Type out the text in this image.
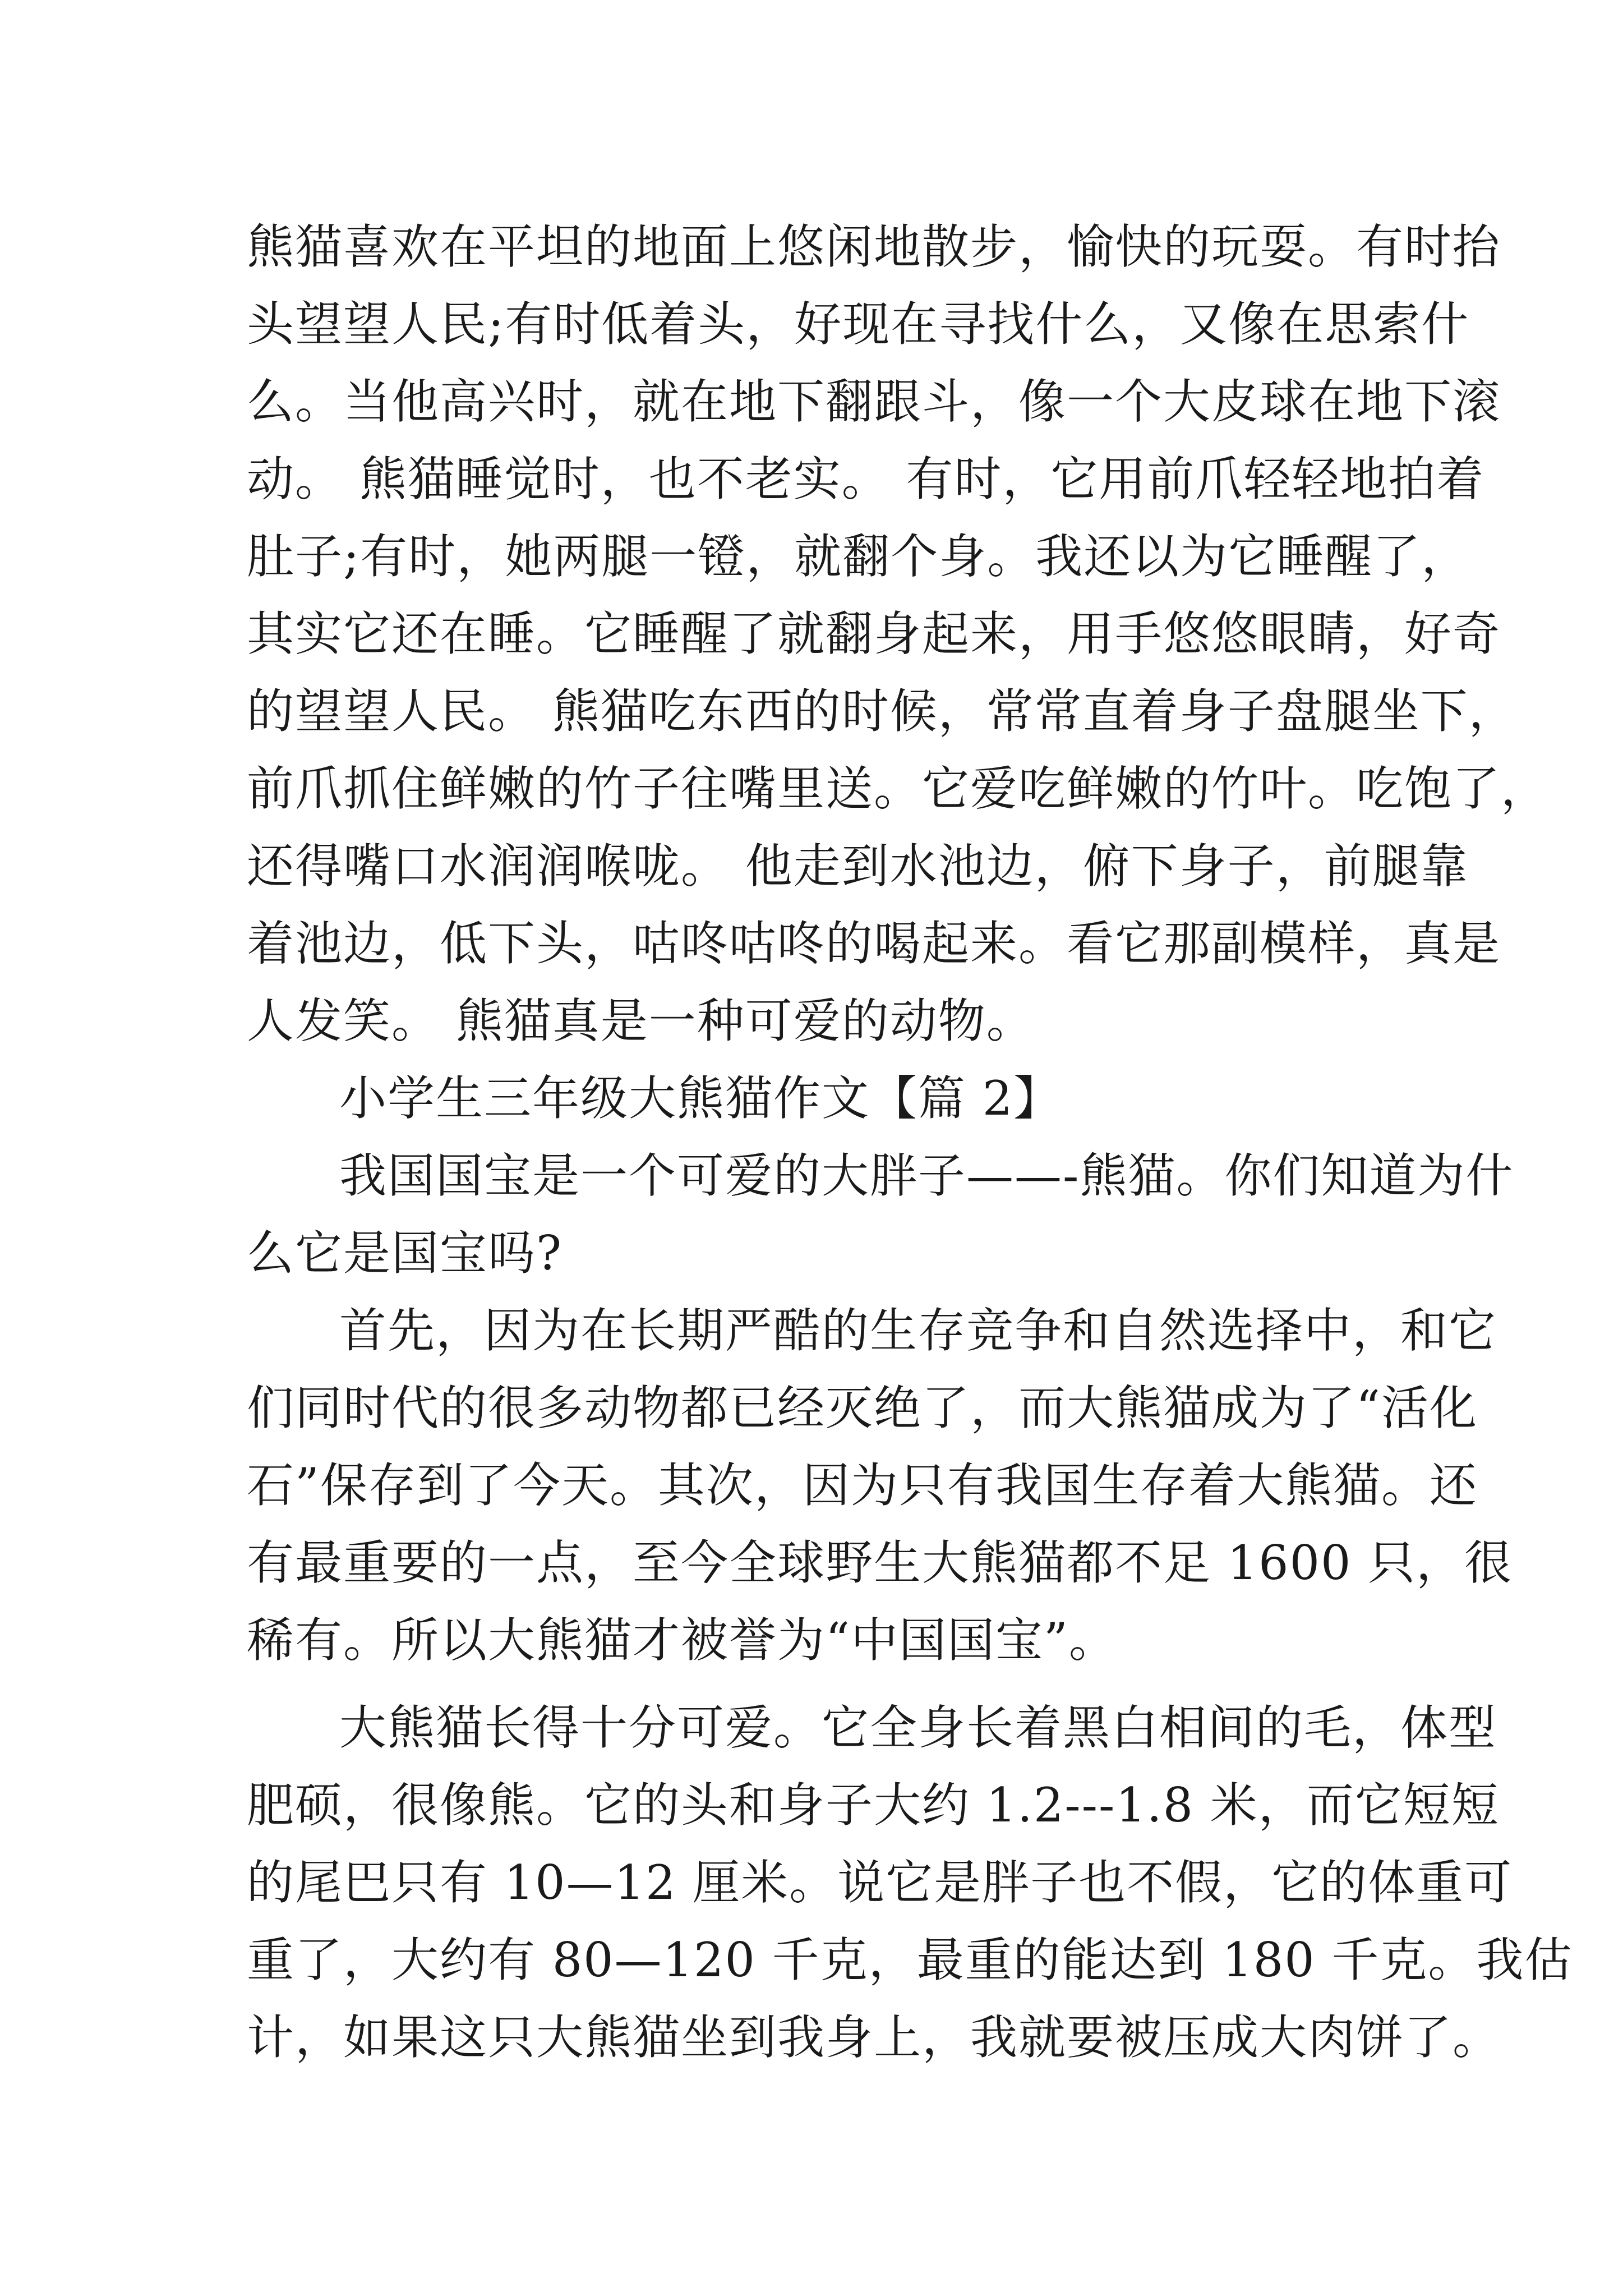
熊猫喜欢在平坦的地面上悠闲地散步，愉快的玩耍。有时抬
头望望人民;有时低着头，好现在寻找什么，又像在思索什
么。当他高兴时，就在地下翻跟斗，像一个大皮球在地下滚
动。 熊猫睡觉时，也不老实。 有时，它用前爪轻轻地拍着
肚子;有时，她两腿一镫，就翻个身。我还以为它睡醒了，
其实它还在睡。它睡醒了就翻身起来，用手悠悠眼睛，好奇
的望望人民。 熊猫吃东西的时候，常常直着身子盘腿坐下，
前爪抓住鲜嫩的竹子往嘴里送。它爱吃鲜嫩的竹叶。吃饱了，
还得嘴口水润润喉咙。 他走到水池边，俯下身子，前腿靠
着池边，低下头，咕咚咕咚的喝起来。看它那副模样，真是
人发笑。 熊猫真是一种可爱的动物。
小学生三年级大熊猫作文【篇 2】
我国国宝是一个可爱的大胖子——-熊猫。你们知道为什
么它是国宝吗?
首先，因为在长期严酷的生存竞争和自然选择中，和它
们同时代的很多动物都已经灭绝了，而大熊猫成为了“活化
石”保存到了今天。其次，因为只有我国生存着大熊猫。还
有最重要的一点，至今全球野生大熊猫都不足 1600 只，很
稀有。所以大熊猫才被誉为“中国国宝”。
大熊猫长得十分可爱。它全身长着黑白相间的毛，体型
肥硕，很像熊。它的头和身子大约 1.2---1.8 米，而它短短
的尾巴只有 10—12 厘米。说它是胖子也不假，它的体重可
重了，大约有 80—120 千克，最重的能达到 180 千克。我估
计，如果这只大熊猫坐到我身上，我就要被压成大肉饼了。
